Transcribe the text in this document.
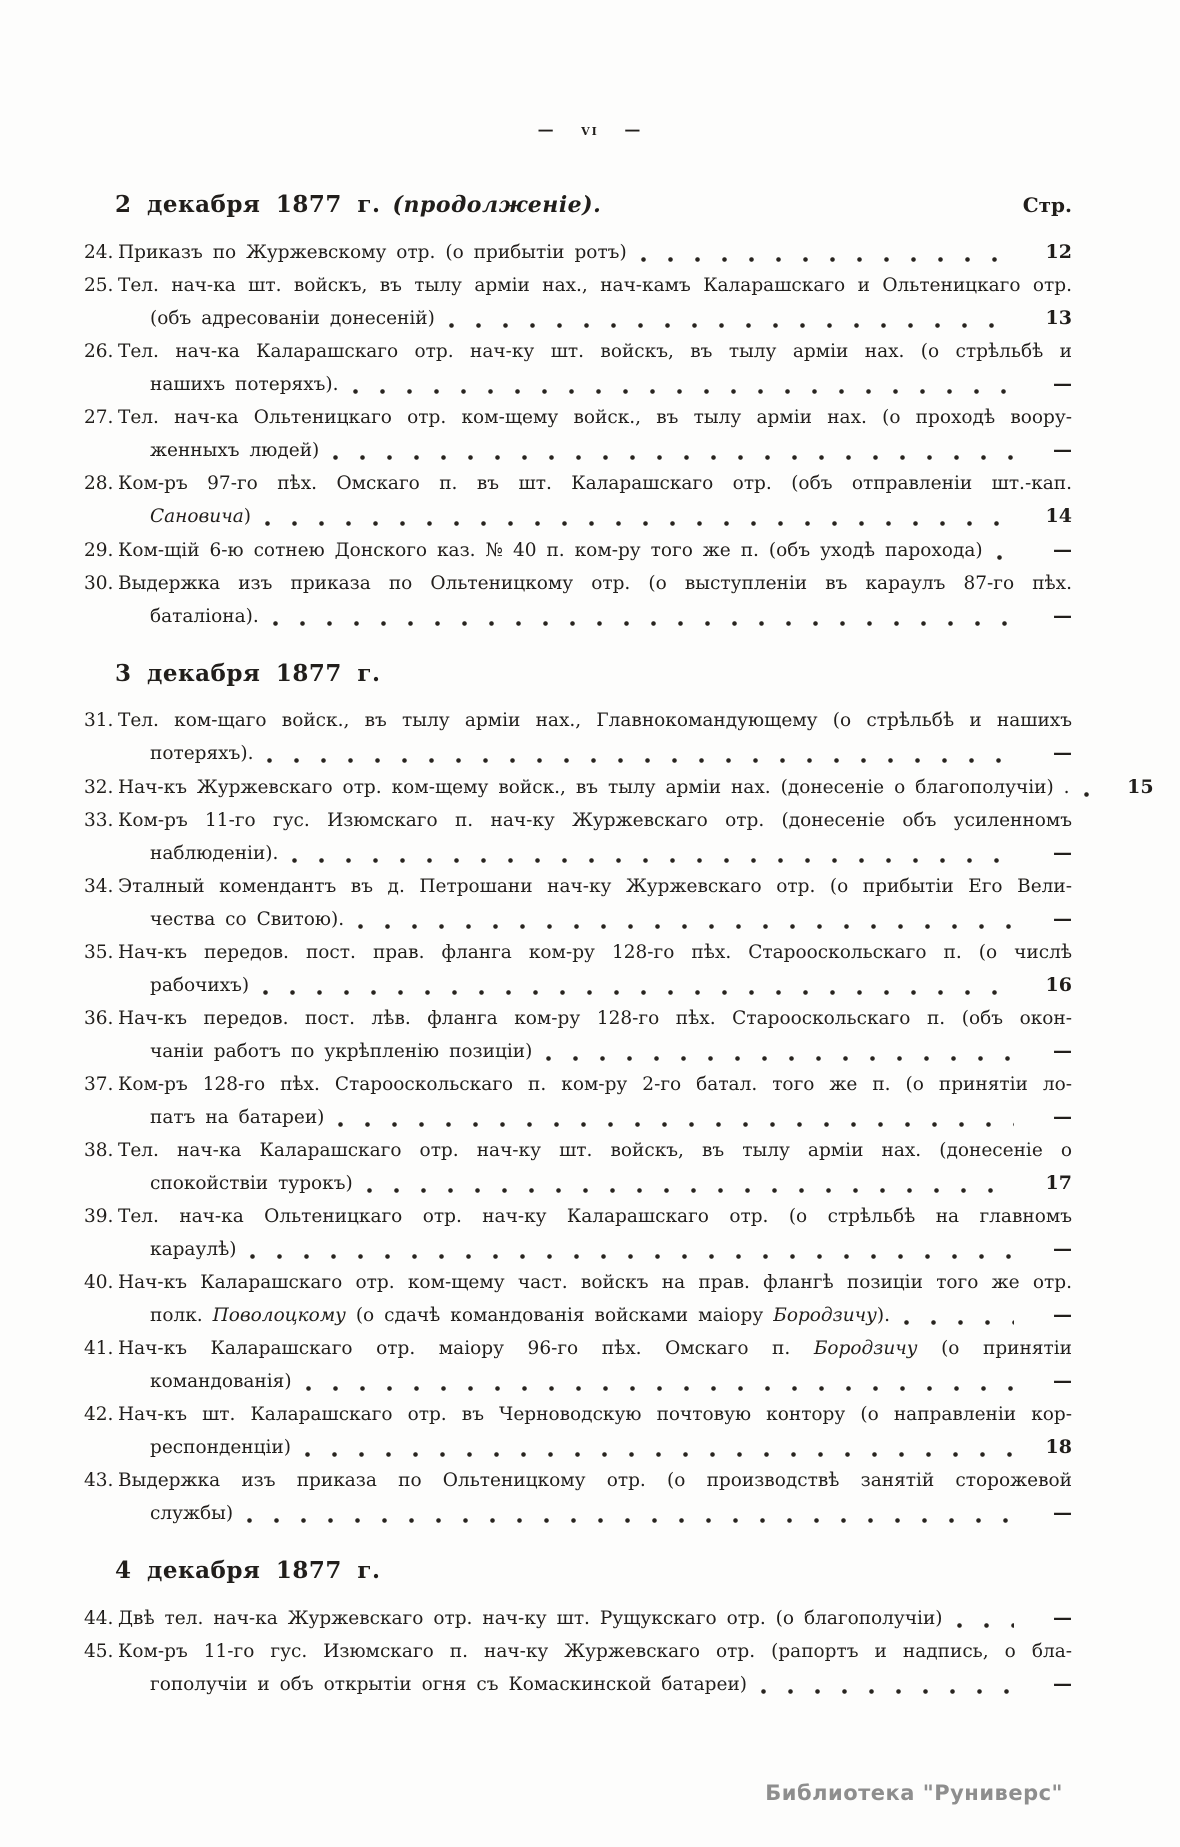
— vi —
2 декабря 1877 г. (продолженіе).	Стр.
24. Приказъ по Журжевскому отр. (о прибытіи ротъ)	12
25. Тел. нач-ка шт. войскъ, въ тылу арміи нах., нач-камъ Каларашскаго и Ольтеницкаго отр.
(объ адресованіи донесеній)	13
26. Тел. нач-ка Каларашскаго отр. нач-ку шт. войскъ, въ тылу арміи нах. (о стрѣльбѣ и
нашихъ потеряхъ).	—
27. Тел. нач-ка Ольтеницкаго отр. ком-щему войск., въ тылу арміи нах. (о проходѣ воору-
женныхъ людей)	—
28. Ком-ръ 97-го пѣх. Омскаго п. въ шт. Каларашскаго отр. (объ отправленіи шт.-кап.
Сановича)	14
29. Ком-щій 6-ю сотнею Донского каз. № 40 п. ком-ру того же п. (объ уходѣ парохода)	—
30. Выдержка изъ приказа по Ольтеницкому отр. (о выступленіи въ караулъ 87-го пѣх.
баталіона).	—
3 декабря 1877 г.
31. Тел. ком-щаго войск., въ тылу арміи нах., Главнокомандующему (о стрѣльбѣ и нашихъ
потеряхъ).	—
32. Нач-къ Журжевскаго отр. ком-щему войск., въ тылу арміи нах. (донесеніе о благополучіи) .	15
33. Ком-ръ 11-го гус. Изюмскаго п. нач-ку Журжевскаго отр. (донесеніе объ усиленномъ
наблюденіи).	—
34. Эталный комендантъ въ д. Петрошани нач-ку Журжевскаго отр. (о прибытіи Его Вели-
чества со Свитою).	—
35. Нач-къ передов. пост. прав. фланга ком-ру 128-го пѣх. Старооскольскаго п. (о числѣ
рабочихъ)	16
36. Нач-къ передов. пост. лѣв. фланга ком-ру 128-го пѣх. Старооскольскаго п. (объ окон-
чаніи работъ по укрѣпленію позиціи)	—
37. Ком-ръ 128-го пѣх. Старооскольскаго п. ком-ру 2-го батал. того же п. (о принятіи ло-
патъ на батареи)	—
38. Тел. нач-ка Каларашскаго отр. нач-ку шт. войскъ, въ тылу арміи нах. (донесеніе о
спокойствіи турокъ)	17
39. Тел. нач-ка Ольтеницкаго отр. нач-ку Каларашскаго отр. (о стрѣльбѣ на главномъ
караулѣ)	—
40. Нач-къ Каларашскаго отр. ком-щему част. войскъ на прав. флангѣ позиціи того же отр.
полк. Поволоцкому (о сдачѣ командованія войсками маіору Бородзичу).	—
41. Нач-къ Каларашскаго отр. маіору 96-го пѣх. Омскаго п. Бородзичу (о принятіи
командованія)	—
42. Нач-къ шт. Каларашскаго отр. въ Черноводскую почтовую контору (о направленіи кор-
респонденціи)	18
43. Выдержка изъ приказа по Ольтеницкому отр. (о производствѣ занятій сторожевой
службы)	—
4 декабря 1877 г.
44. Двѣ тел. нач-ка Журжевскаго отр. нач-ку шт. Рущукскаго отр. (о благополучіи)	—
45. Ком-ръ 11-го гус. Изюмскаго п. нач-ку Журжевскаго отр. (рапортъ и надпись, о бла-
гополучіи и объ открытіи огня съ Комаскинской батареи)	—
Библиотека "Руниверс"
